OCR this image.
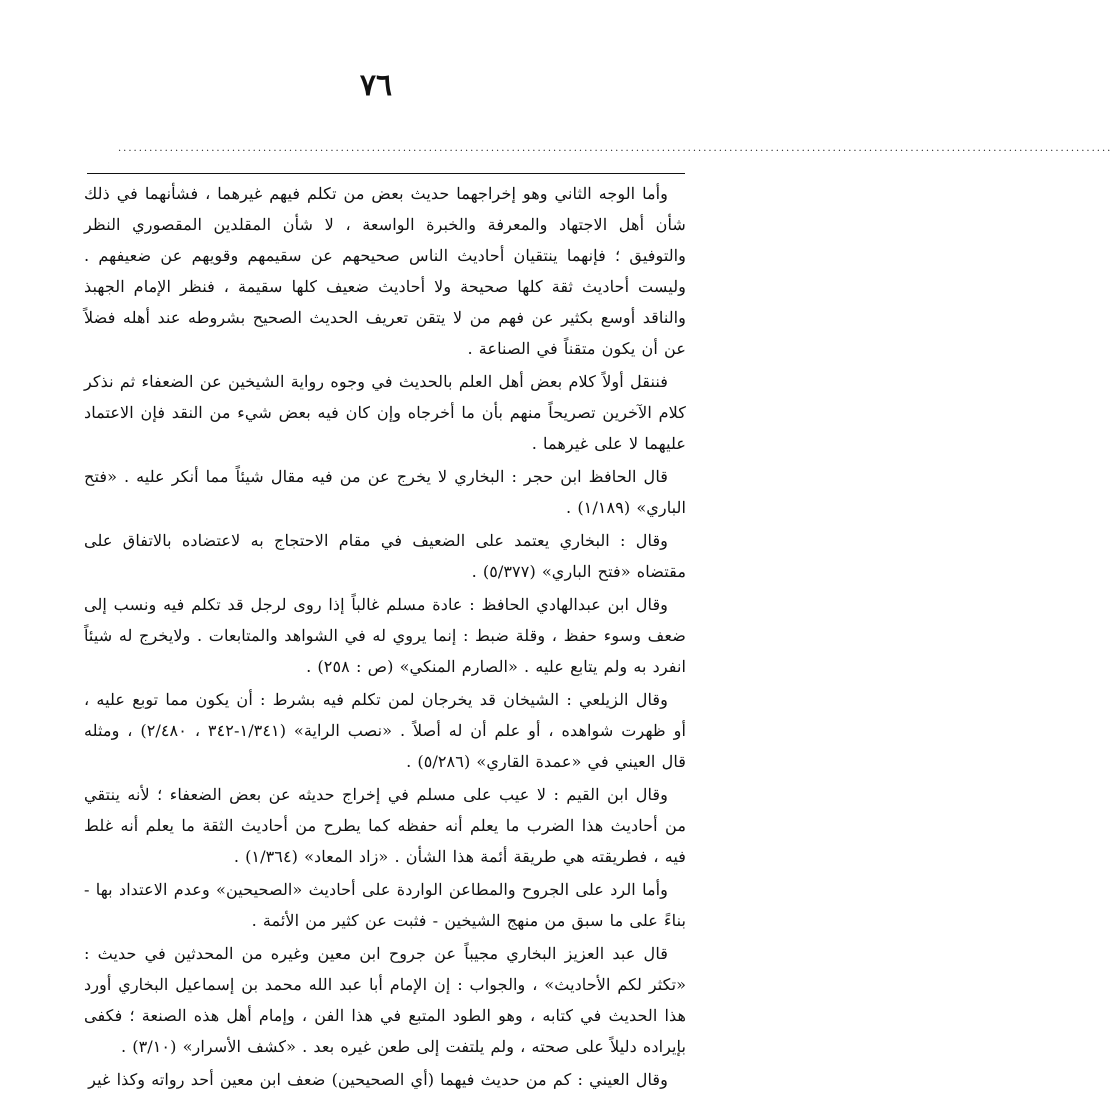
٧٦
................................................................................................................................................................................................

وأما الوجه الثاني وهو إخراجهما حديث بعض من تكلم فيهم غيرهما ، فشأنهما في ذلك شأن أهل الاجتهاد والمعرفة والخبرة الواسعة ، لا شأن المقلدين المقصوري النظر والتوفيق ؛ فإنهما ينتقيان أحاديث الناس صحيحهم عن سقيمهم وقويهم عن ضعيفهم . وليست أحاديث ثقة كلها صحيحة ولا أحاديث ضعيف كلها سقيمة ، فنظر الإمام الجهبذ والناقد أوسع بكثير عن فهم من لا يتقن تعريف الحديث الصحيح بشروطه عند أهله فضلاً عن أن يكون متقناً في الصناعة .

فننقل أولاً كلام بعض أهل العلم بالحديث في وجوه رواية الشيخين عن الضعفاء ثم نذكر كلام الآخرين تصريحاً منهم بأن ما أخرجاه وإن كان فيه بعض شيء من النقد فإن الاعتماد عليهما لا على غيرهما .

قال الحافظ ابن حجر : البخاري لا يخرج عن من فيه مقال شيئاً مما أنكر عليه . «فتح الباري» (١/١٨٩) .

وقال : البخاري يعتمد على الضعيف في مقام الاحتجاج به لاعتضاده بالاتفاق على مقتضاه «فتح الباري» (٥/٣٧٧) .

وقال ابن عبدالهادي الحافظ : عادة مسلم غالباً إذا روى لرجل قد تكلم فيه ونسب إلى ضعف وسوء حفظ ، وقلة ضبط : إنما يروي له في الشواهد والمتابعات . ولايخرج له شيئاً انفرد به ولم يتابع عليه . «الصارم المنكي» (ص : ٢٥٨) .

وقال الزيلعي : الشيخان قد يخرجان لمن تكلم فيه بشرط : أن يكون مما توبع عليه ، أو ظهرت شواهده ، أو علم أن له أصلاً . «نصب الراية» (١/٣٤١-٣٤٢ ، ٢/٤٨٠) ، ومثله قال العيني في «عمدة القاري» (٥/٢٨٦) .

وقال ابن القيم : لا عيب على مسلم في إخراج حديثه عن بعض الضعفاء ؛ لأنه ينتقي من أحاديث هذا الضرب ما يعلم أنه حفظه كما يطرح من أحاديث الثقة ما يعلم أنه غلط فيه ، فطريقته هي طريقة أئمة هذا الشأن . «زاد المعاد» (١/٣٦٤) .

وأما الرد على الجروح والمطاعن الواردة على أحاديث «الصحيحين» وعدم الاعتداد بها - بناءً على ما سبق من منهج الشيخين - فثبت عن كثير من الأئمة .

قال عبد العزيز البخاري مجيباً عن جروح ابن معين وغيره من المحدثين في حديث : «تكثر لكم الأحاديث» ، والجواب : إن الإمام أبا عبد الله محمد بن إسماعيل البخاري أورد هذا الحديث في كتابه ، وهو الطود المتبع في هذا الفن ، وإمام أهل هذه الصنعة ؛ فكفى بإيراده دليلاً على صحته ، ولم يلتفت إلى طعن غيره بعد . «كشف الأسرار» (٣/١٠) .

وقال العيني : كم من حديث فيهما (أي الصحيحين) ضعف ابن معين أحد رواته وكذا غير
